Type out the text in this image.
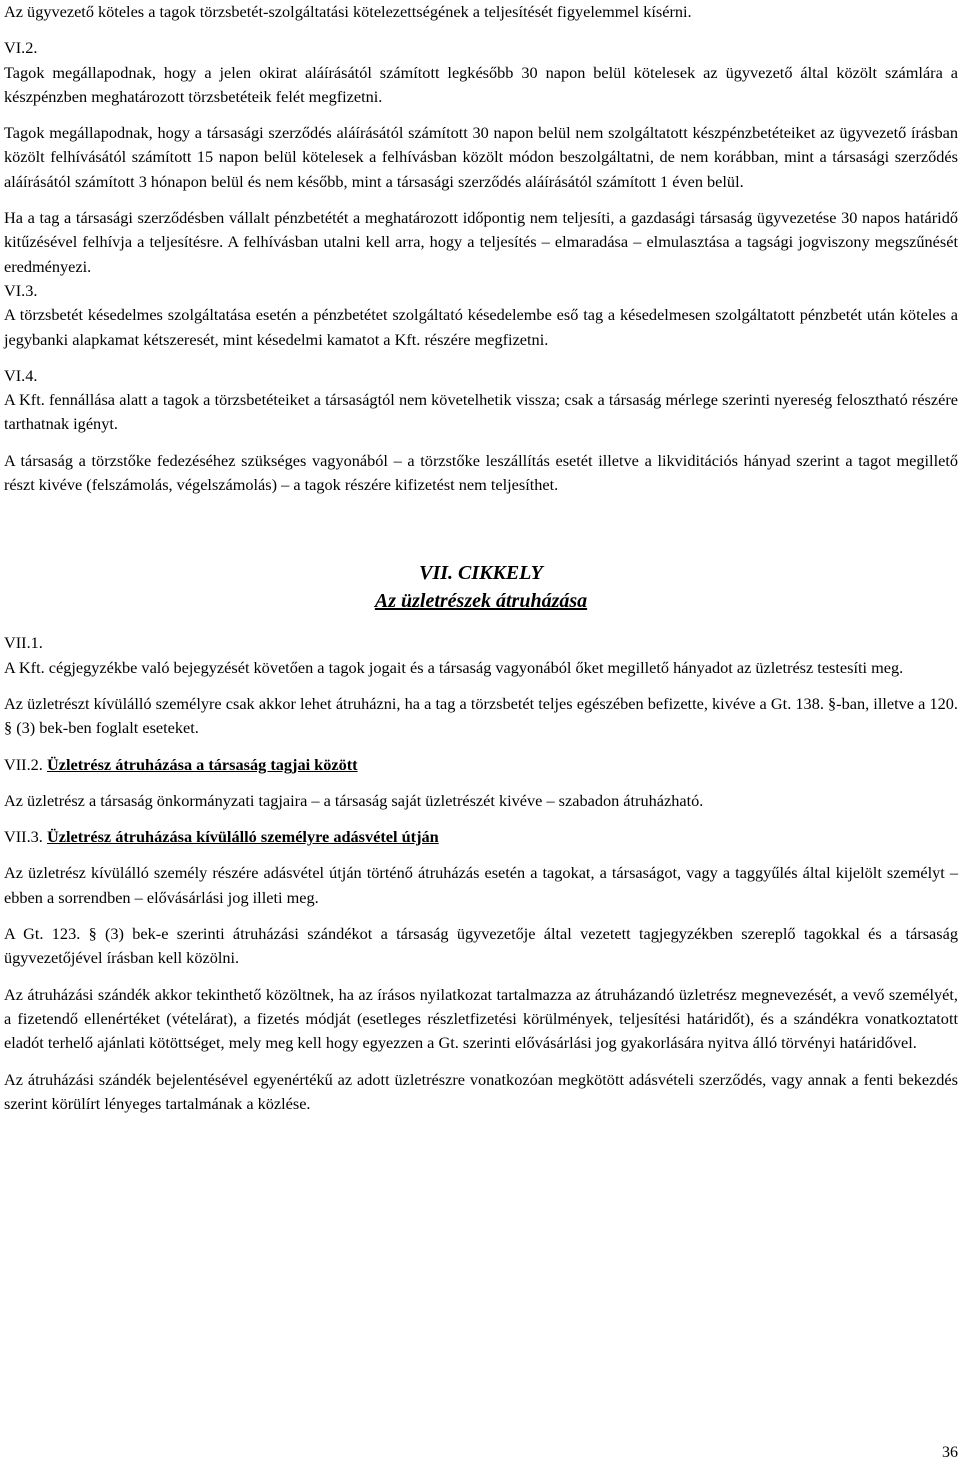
Az ügyvezető köteles a tagok törzsbetét-szolgáltatási kötelezettségének a teljesítését figyelemmel kísérni.

VI.2.

Tagok megállapodnak, hogy a jelen okirat aláírásától számított legkésőbb 30 napon belül kötelesek az ügyvezető által közölt számlára a készpénzben meghatározott törzsbetéteik felét megfizetni.

Tagok megállapodnak, hogy a társasági szerződés aláírásától számított 30 napon belül nem szolgáltatott készpénzbetéteiket az ügyvezető írásban közölt felhívásától számított 15 napon belül kötelesek a felhívásban közölt módon beszolgáltatni, de nem korábban, mint a társasági szerződés aláírásától számított 3 hónapon belül és nem később, mint a társasági szerződés aláírásától számított 1 éven belül.

Ha a tag a társasági szerződésben vállalt pénzbetétét a meghatározott időpontig nem teljesíti, a gazdasági társaság ügyvezetése 30 napos határidő kitűzésével felhívja a teljesítésre. A felhívásban utalni kell arra, hogy a teljesítés – elmaradása – elmulasztása a tagsági jogviszony megszűnését eredményezi.

VI.3.

A törzsbetét késedelmes szolgáltatása esetén a pénzbetétet szolgáltató késedelembe eső tag a késedelmesen szolgáltatott pénzbetét után köteles a jegybanki alapkamat kétszeresét, mint késedelmi kamatot a Kft. részére megfizetni.

VI.4.

A Kft. fennállása alatt a tagok a törzsbetéteiket a társaságtól nem követelhetik vissza; csak a társaság mérlege szerinti nyereség felosztható részére tarthatnak igényt.

A társaság a törzstőke fedezéséhez szükséges vagyonából – a törzstőke leszállítás esetét illetve a likviditációs hányad szerint a tagot megillető részt kivéve (felszámolás, végelszámolás) – a tagok részére kifizetést nem teljesíthet.

VII. CIKKELY
Az üzletrészek átruházása
VII.1.

A Kft. cégjegyzékbe való bejegyzését követően a tagok jogait és a társaság vagyonából őket megillető hányadot az üzletrész testesíti meg.

Az üzletrészt kívülálló személyre csak akkor lehet átruházni, ha a tag a törzsbetét teljes egészében befizette, kivéve a Gt. 138. §-ban, illetve a 120. § (3) bek-ben foglalt eseteket.

VII.2. Üzletrész átruházása a társaság tagjai között

Az üzletrész a társaság önkormányzati tagjaira – a társaság saját üzletrészét kivéve – szabadon átruházható.

VII.3. Üzletrész átruházása kívülálló személyre adásvétel útján

Az üzletrész kívülálló személy részére adásvétel útján történő átruházás esetén a tagokat, a társaságot, vagy a taggyűlés által kijelölt személyt – ebben a sorrendben – elővásárlási jog illeti meg.

A Gt. 123. § (3) bek-e szerinti átruházási szándékot a társaság ügyvezetője által vezetett tagjegyzékben szereplő tagokkal és a társaság ügyvezetőjével írásban kell közölni.

Az átruházási szándék akkor tekinthető közöltnek, ha az írásos nyilatkozat tartalmazza az átruházandó üzletrész megnevezését, a vevő személyét, a fizetendő ellenértéket (vételárat), a fizetés módját (esetleges részletfizetési körülmények, teljesítési határidőt), és a szándékra vonatkoztatott eladót terhelő ajánlati kötöttséget, mely meg kell hogy egyezzen a Gt. szerinti elővásárlási jog gyakorlására nyitva álló törvényi határidővel.

Az átruházási szándék bejelentésével egyenértékű az adott üzletrészre vonatkozóan megkötött adásvételi szerződés, vagy annak a fenti bekezdés szerint körülírt lényeges tartalmának a közlése.

36
